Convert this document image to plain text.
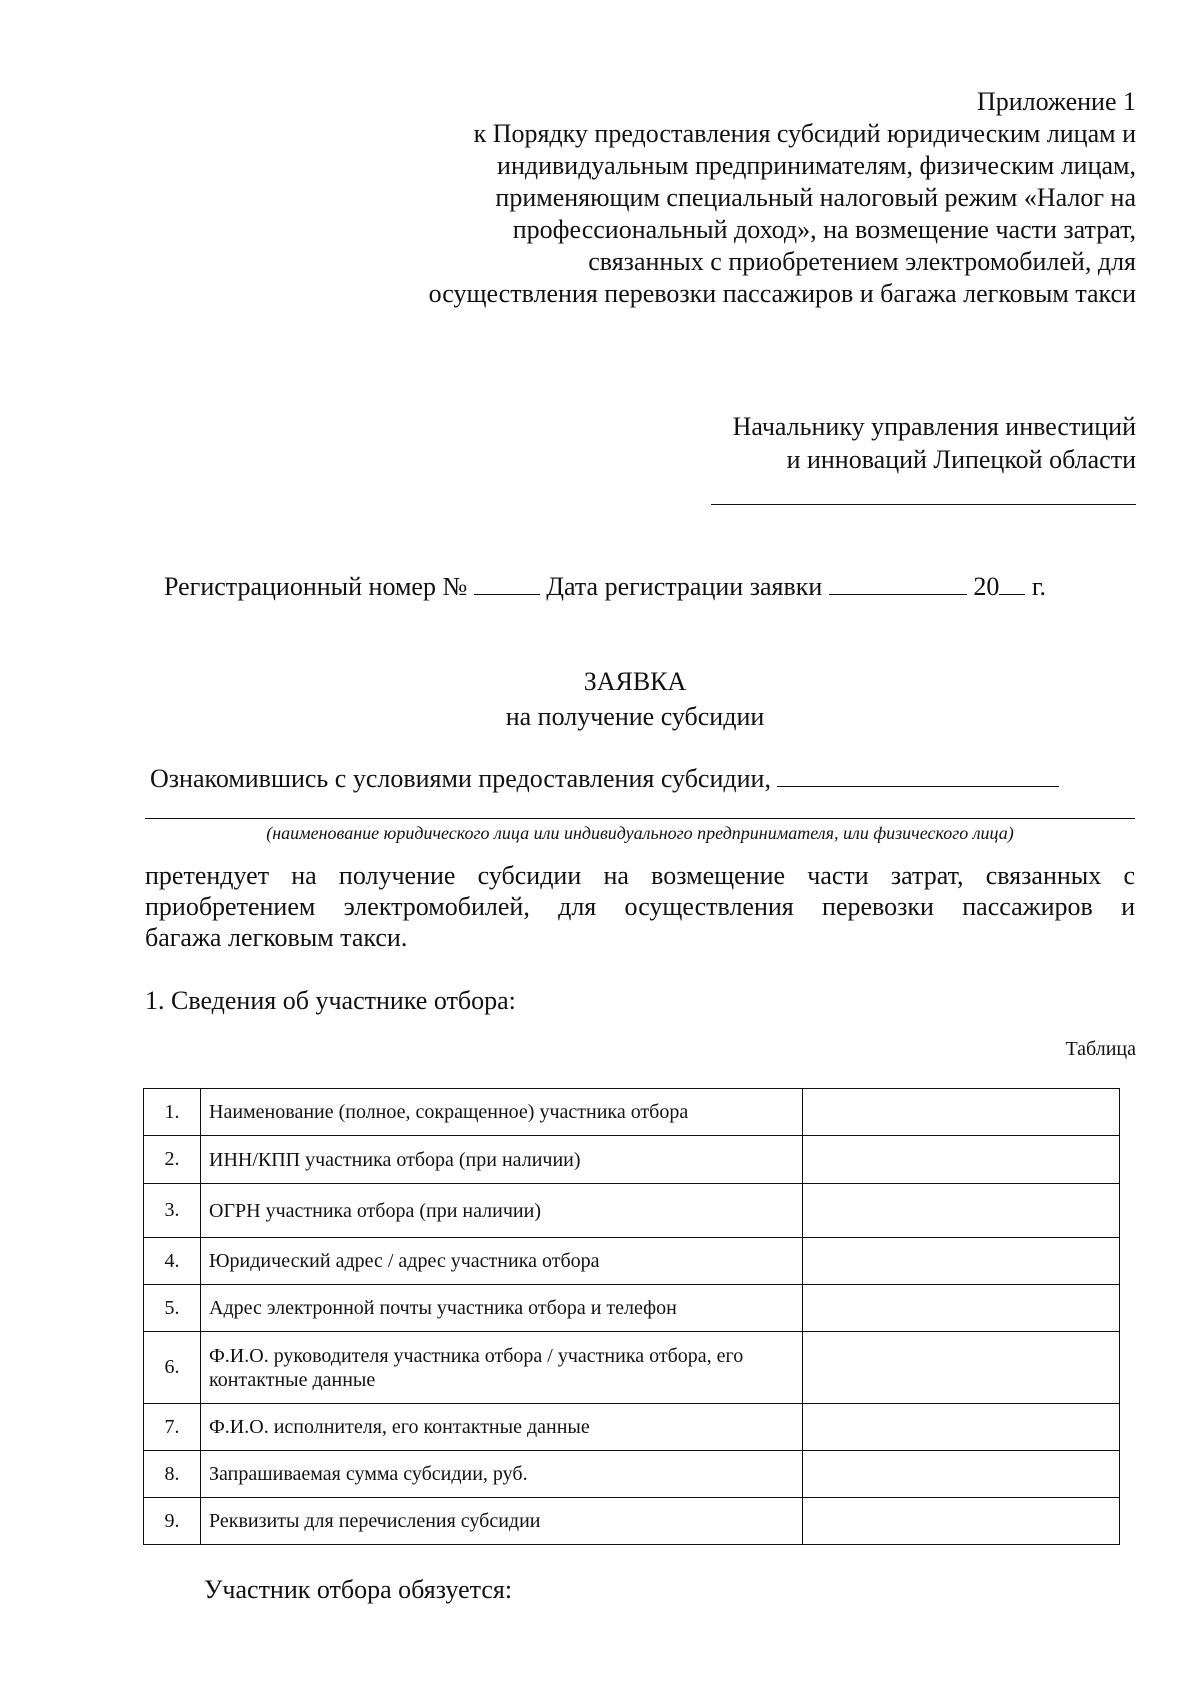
Приложение 1
к Порядку предоставления субсидий юридическим лицам и
индивидуальным предпринимателям, физическим лицам,
применяющим специальный налоговый режим «Налог на
профессиональный доход», на возмещение части затрат,
связанных с приобретением электромобилей, для
осуществления перевозки пассажиров и багажа легковым такси
Начальнику управления инвестиций
и инноваций Липецкой области
Регистрационный номер №	Дата регистрации заявки	20 г.
ЗАЯВКА
на получение субсидии
Ознакомившись с условиями предоставления субсидии,
(наименование юридического лица или индивидуального предпринимателя, или физического лица)
претендует на получение субсидии на возмещение части затрат, связанных с
приобретением электромобилей, для осуществления перевозки пассажиров и
багажа легковым такси.
1. Сведения об участнике отбора:
Таблица
1.	Наименование (полное, сокращенное) участника отбора	
2.	ИНН/КПП участника отбора (при наличии)	
3.	ОГРН участника отбора (при наличии)	
4.	Юридический адрес / адрес участника отбора	
5.	Адрес электронной почты участника отбора и телефон	
6.	Ф.И.О. руководителя участника отбора / участника отбора, его контактные данные	
7.	Ф.И.О. исполнителя, его контактные данные	
8.	Запрашиваемая сумма субсидии, руб.	
9.	Реквизиты для перечисления субсидии	
Участник отбора обязуется:
